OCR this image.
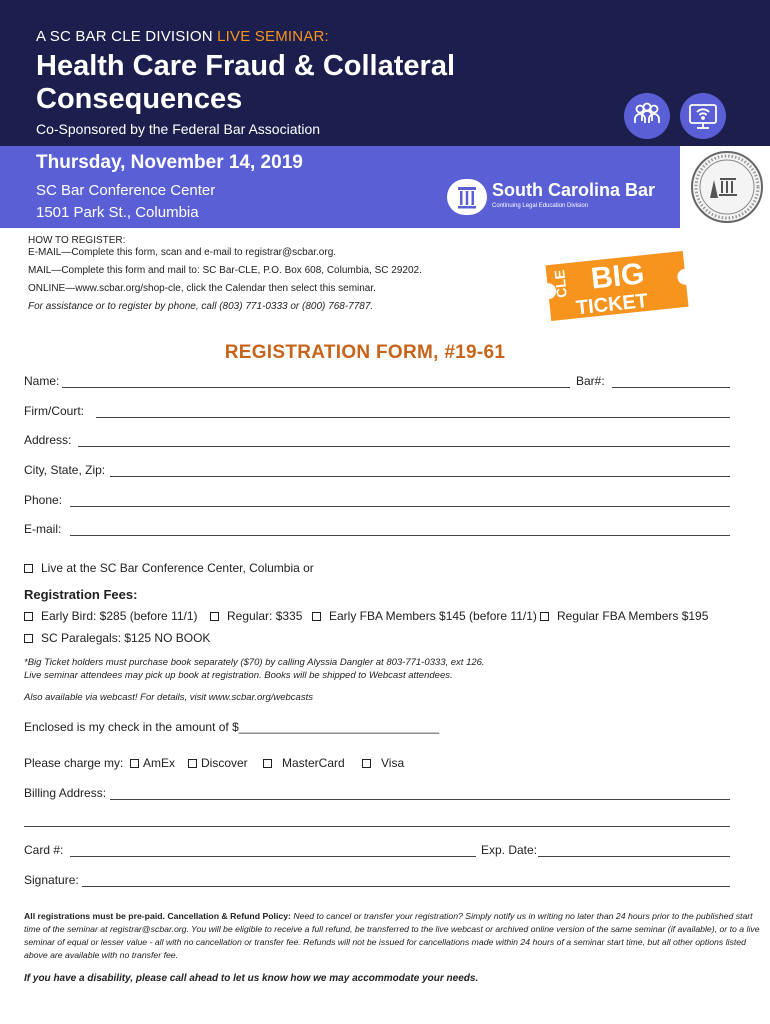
A SC BAR CLE DIVISION LIVE SEMINAR:
Health Care Fraud & Collateral Consequences
Co-Sponsored by the Federal Bar Association
Thursday, November 14, 2019
SC Bar Conference Center
1501 Park St., Columbia
South Carolina Bar
Continuing Legal Education Division
HOW TO REGISTER:
E-MAIL—Complete this form, scan and e-mail to registrar@scbar.org.
MAIL—Complete this form and mail to: SC Bar-CLE, P.O. Box 608, Columbia, SC 29202.
ONLINE—www.scbar.org/shop-cle, click the Calendar then select this seminar.
For assistance or to register by phone, call (803) 771-0333 or (800) 768-7787.
CLE BIG
TICKET
REGISTRATION FORM, #19-61
Name:	Bar#:
Firm/Court:
Address:
City, State, Zip:
Phone:
E-mail:
Live at the SC Bar Conference Center, Columbia or
Registration Fees:
Early Bird: $285 (before 11/1)	Regular: $335	Early FBA Members $145 (before 11/1)	Regular FBA Members $195
SC Paralegals: $125 NO BOOK
*Big Ticket holders must purchase book separately ($70) by calling Alyssia Dangler at 803-771-0333, ext 126.
Live seminar attendees may pick up book at registration. Books will be shipped to Webcast attendees.
Also available via webcast! For details, visit www.scbar.org/webcasts
Enclosed is my check in the amount of $______________________________
Please charge my:	AmEx	Discover	MasterCard	Visa
Billing Address:
Card #:	Exp. Date:
Signature:
All registrations must be pre-paid. Cancellation & Refund Policy: Need to cancel or transfer your registration? Simply notify us in writing no later than 24 hours prior to the published start time of the seminar at registrar@scbar.org. You will be eligible to receive a full refund, be transferred to the live webcast or archived online version of the same seminar (if available), or to a live seminar of equal or lesser value - all with no cancellation or transfer fee. Refunds will not be issued for cancellations made within 24 hours of a seminar start time, but all other options listed above are available with no transfer fee.
If you have a disability, please call ahead to let us know how we may accommodate your needs.
